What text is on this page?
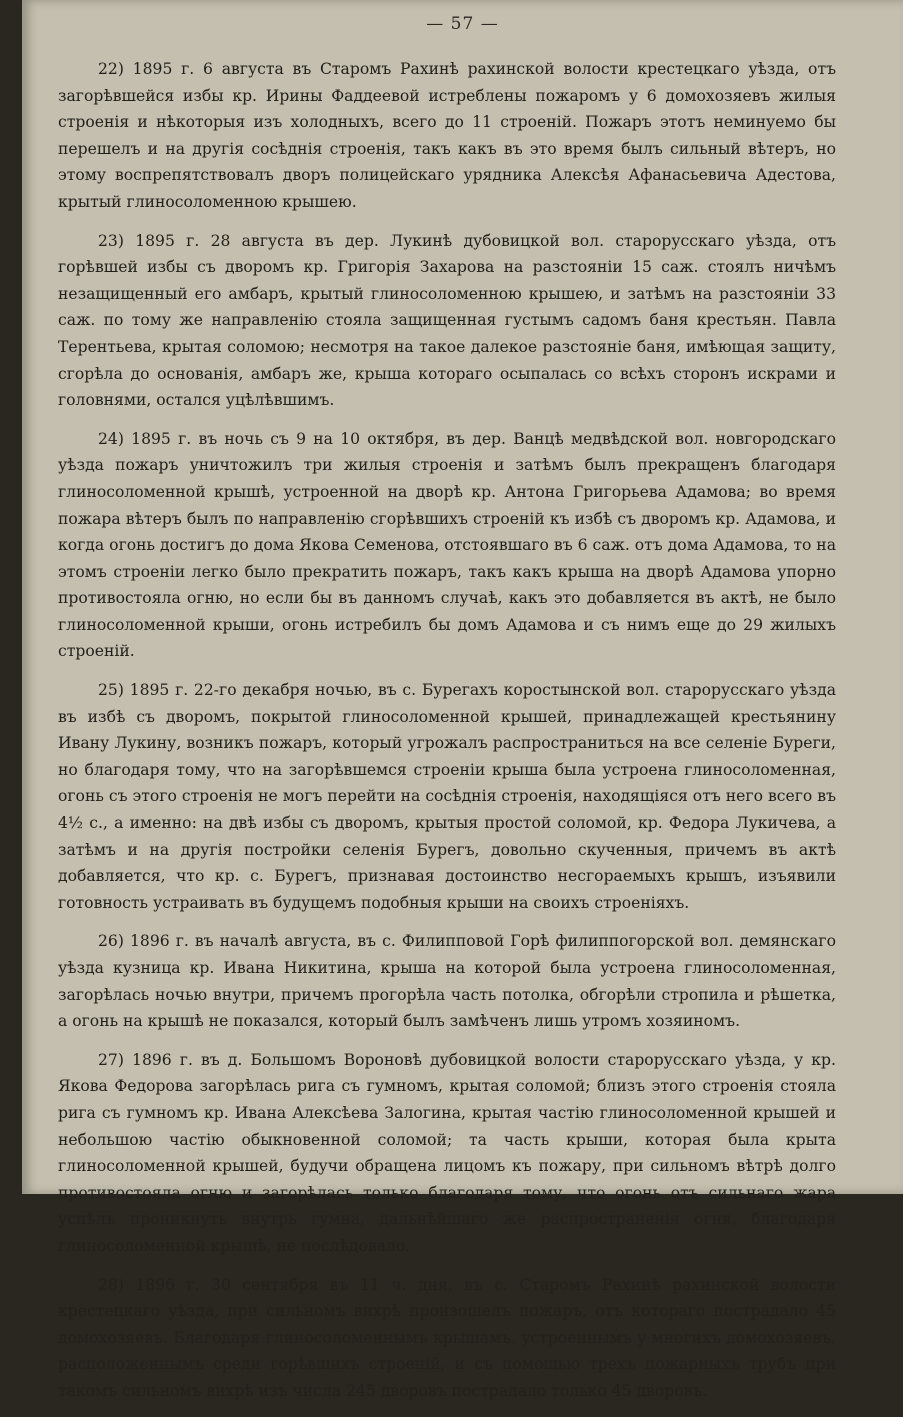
— 57 —

22) 1895 г. 6 августа въ Старомъ Рахинѣ рахинской волости крестецкаго уѣзда, отъ загорѣвшейся избы кр. Ирины Фаддеевой истреблены пожаромъ у 6 домохозяевъ жилыя строенія и нѣкоторыя изъ холодныхъ, всего до 11 строеній. Пожаръ этотъ неминуемо бы перешелъ и на другія сосѣднія строенія, такъ какъ въ это время былъ сильный вѣтеръ, но этому воспрепятствовалъ дворъ полицейскаго урядника Алексѣя Афанасьевича Адестова, крытый глиносоломенною крышею.

23) 1895 г. 28 августа въ дер. Лукинѣ дубовицкой вол. старорусскаго уѣзда, отъ горѣвшей избы съ дворомъ кр. Григорія Захарова на разстояніи 15 саж. стоялъ ничѣмъ незащищенный его амбаръ, крытый глиносоломенною крышею, и затѣмъ на разстояніи 33 саж. по тому же направленію стояла защищенная густымъ садомъ баня крестьян. Павла Терентьева, крытая соломою; несмотря на такое далекое разстояніе баня, имѣющая защиту, сгорѣла до основанія, амбаръ же, крыша котораго осыпалась со всѣхъ сторонъ искрами и головнями, остался уцѣлѣвшимъ.

24) 1895 г. въ ночь съ 9 на 10 октября, въ дер. Ванцѣ медвѣдской вол. новгородскаго уѣзда пожаръ уничтожилъ три жилыя строенія и затѣмъ былъ прекращенъ благодаря глиносоломенной крышѣ, устроенной на дворѣ кр. Антона Григорьева Адамова; во время пожара вѣтеръ былъ по направленію сгорѣвшихъ строеній къ избѣ съ дворомъ кр. Адамова, и когда огонь достигъ до дома Якова Семенова, отстоявшаго въ 6 саж. отъ дома Адамова, то на этомъ строеніи легко было прекратить пожаръ, такъ какъ крыша на дворѣ Адамова упорно противостояла огню, но если бы въ данномъ случаѣ, какъ это добавляется въ актѣ, не было глиносоломенной крыши, огонь истребилъ бы домъ Адамова и съ нимъ еще до 29 жилыхъ строеній.

25) 1895 г. 22-го декабря ночью, въ с. Бурегахъ коростынской вол. старорусскаго уѣзда въ избѣ съ дворомъ, покрытой глиносоломенной крышей, принадлежащей крестьянину Ивану Лукину, возникъ пожаръ, который угрожалъ распространиться на все селеніе Буреги, но благодаря тому, что на загорѣвшемся строеніи крыша была устроена глиносоломенная, огонь съ этого строенія не могъ перейти на сосѣднія строенія, находящіяся отъ него всего въ 4½ с., а именно: на двѣ избы съ дворомъ, крытыя простой соломой, кр. Федора Лукичева, а затѣмъ и на другія постройки селенія Бурегъ, довольно скученныя, причемъ въ актѣ добавляется, что кр. с. Бурегъ, признавая достоинство несгораемыхъ крышъ, изъявили готовность устраивать въ будущемъ подобныя крыши на своихъ строеніяхъ.

26) 1896 г. въ началѣ августа, въ с. Филипповой Горѣ филиппогорской вол. демянскаго уѣзда кузница кр. Ивана Никитина, крыша на которой была устроена глиносоломенная, загорѣлась ночью внутри, причемъ прогорѣла часть потолка, обгорѣли стропила и рѣшетка, а огонь на крышѣ не показался, который былъ замѣченъ лишь утромъ хозяиномъ.

27) 1896 г. въ д. Большомъ Вороновѣ дубовицкой волости старорусскаго уѣзда, у кр. Якова Федорова загорѣлась рига съ гумномъ, крытая соломой; близъ этого строенія стояла рига съ гумномъ кр. Ивана Алексѣева Залогина, крытая частію глиносоломенной крышей и небольшою частію обыкновенной соломой; та часть крыши, которая была крыта глиносоломенной крышей, будучи обращена лицомъ къ пожару, при сильномъ вѣтрѣ долго противостояла огню и загорѣлась только благодаря тому, что огонь отъ сильнаго жара успѣлъ проникнуть внутрь гумна, дальнѣйшаго же распространенія огня, благодаря глиносоломенной крышѣ, не послѣдовало.

28) 1896 г. 30 сентября въ 11 ч. дня, въ с. Старомъ Рахинѣ рахинской волости крестецкаго уѣзда, при сильномъ вихрѣ произошелъ пожаръ, отъ котораго пострадало 45 домохозяевъ. Благодаря глиносоломеннымъ крышамъ, устроеннымъ у многихъ домохозяевъ, расположеннымъ среди горѣвшихъ строеній, и съ помощью трехъ пожарныхъ трубъ при такомъ сильномъ вихрѣ изъ числа 245 дворовъ пострадало только 45 дворовъ.
